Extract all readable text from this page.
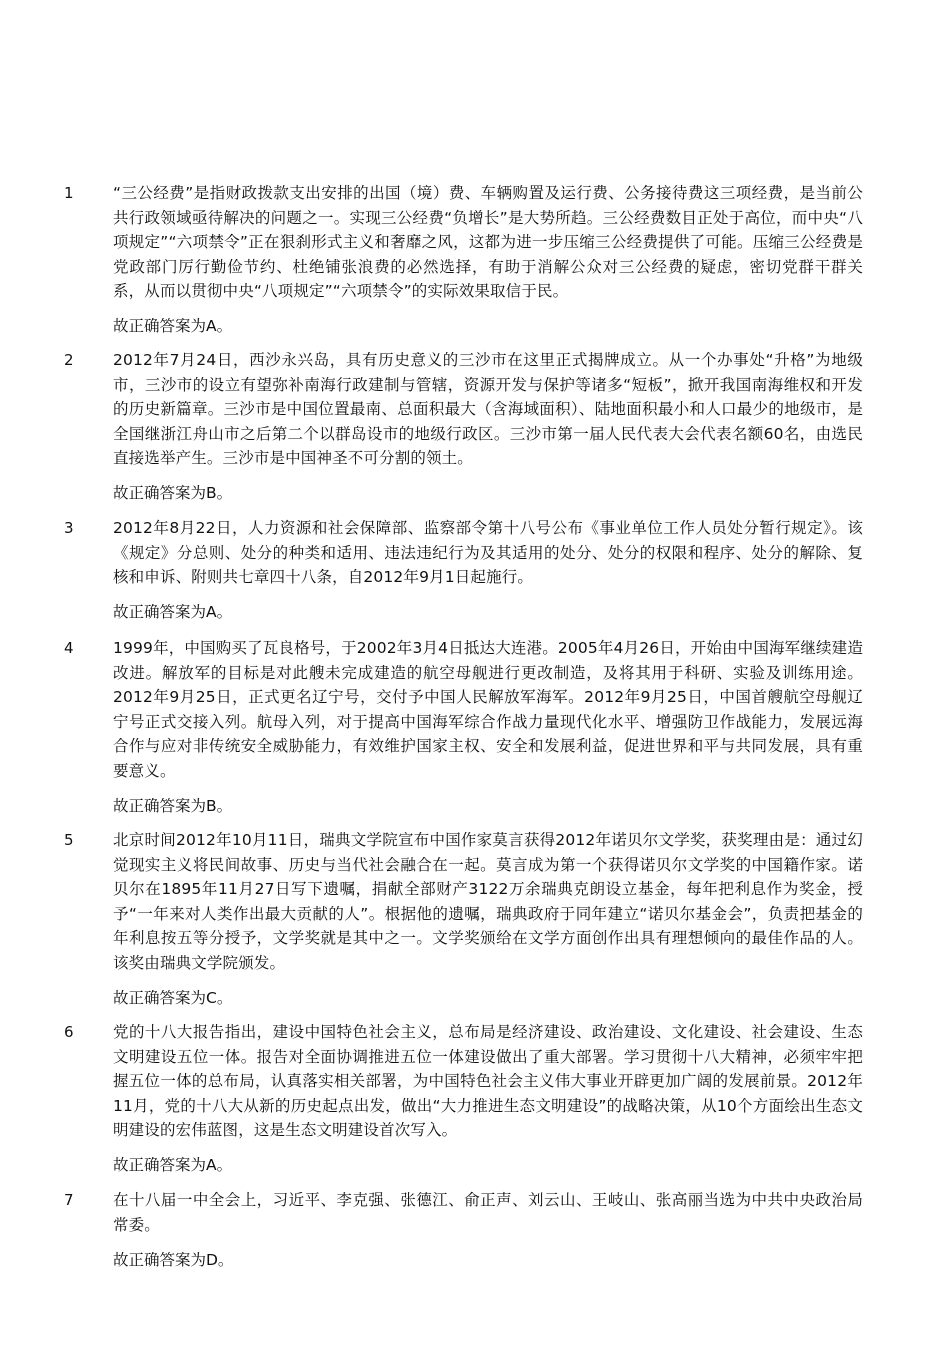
1	“三公经费”是指财政拨款支出安排的出国（境）费、车辆购置及运行费、公务接待费这三项经费，是当前公共行政领域亟待解决的问题之一。实现三公经费“负增长”是大势所趋。三公经费数目正处于高位，而中央“八项规定”“六项禁令”正在狠刹形式主义和奢靡之风，这都为进一步压缩三公经费提供了可能。压缩三公经费是党政部门厉行勤俭节约、杜绝铺张浪费的必然选择，有助于消解公众对三公经费的疑虑，密切党群干群关系，从而以贯彻中央“八项规定”“六项禁令”的实际效果取信于民。
故正确答案为A。
2	2012年7月24日，西沙永兴岛，具有历史意义的三沙市在这里正式揭牌成立。从一个办事处“升格”为地级市，三沙市的设立有望弥补南海行政建制与管辖，资源开发与保护等诸多“短板”，掀开我国南海维权和开发的历史新篇章。三沙市是中国位置最南、总面积最大（含海域面积）、陆地面积最小和人口最少的地级市，是全国继浙江舟山市之后第二个以群岛设市的地级行政区。三沙市第一届人民代表大会代表名额60名，由选民直接选举产生。三沙市是中国神圣不可分割的领土。
故正确答案为B。
3	2012年8月22日，人力资源和社会保障部、监察部令第十八号公布《事业单位工作人员处分暂行规定》。该《规定》分总则、处分的种类和适用、违法违纪行为及其适用的处分、处分的权限和程序、处分的解除、复核和申诉、附则共七章四十八条，自2012年9月1日起施行。
故正确答案为A。
4	1999年，中国购买了瓦良格号，于2002年3月4日抵达大连港。2005年4月26日，开始由中国海军继续建造改进。解放军的目标是对此艘未完成建造的航空母舰进行更改制造，及将其用于科研、实验及训练用途。2012年9月25日，正式更名辽宁号，交付予中国人民解放军海军。2012年9月25日，中国首艘航空母舰辽宁号正式交接入列。航母入列，对于提高中国海军综合作战力量现代化水平、增强防卫作战能力，发展远海合作与应对非传统安全威胁能力，有效维护国家主权、安全和发展利益，促进世界和平与共同发展，具有重要意义。
故正确答案为B。
5	北京时间2012年10月11日，瑞典文学院宣布中国作家莫言获得2012年诺贝尔文学奖，获奖理由是：通过幻觉现实主义将民间故事、历史与当代社会融合在一起。莫言成为第一个获得诺贝尔文学奖的中国籍作家。诺贝尔在1895年11月27日写下遗嘱，捐献全部财产3122万余瑞典克朗设立基金，每年把利息作为奖金，授予“一年来对人类作出最大贡献的人”。根据他的遗嘱，瑞典政府于同年建立“诺贝尔基金会”，负责把基金的年利息按五等分授予，文学奖就是其中之一。文学奖颁给在文学方面创作出具有理想倾向的最佳作品的人。该奖由瑞典文学院颁发。
故正确答案为C。
6	党的十八大报告指出，建设中国特色社会主义，总布局是经济建设、政治建设、文化建设、社会建设、生态文明建设五位一体。报告对全面协调推进五位一体建设做出了重大部署。学习贯彻十八大精神，必须牢牢把握五位一体的总布局，认真落实相关部署，为中国特色社会主义伟大事业开辟更加广阔的发展前景。2012年11月，党的十八大从新的历史起点出发，做出“大力推进生态文明建设”的战略决策，从10个方面绘出生态文明建设的宏伟蓝图，这是生态文明建设首次写入。
故正确答案为A。
7	在十八届一中全会上，习近平、李克强、张德江、俞正声、刘云山、王岐山、张高丽当选为中共中央政治局常委。
故正确答案为D。
